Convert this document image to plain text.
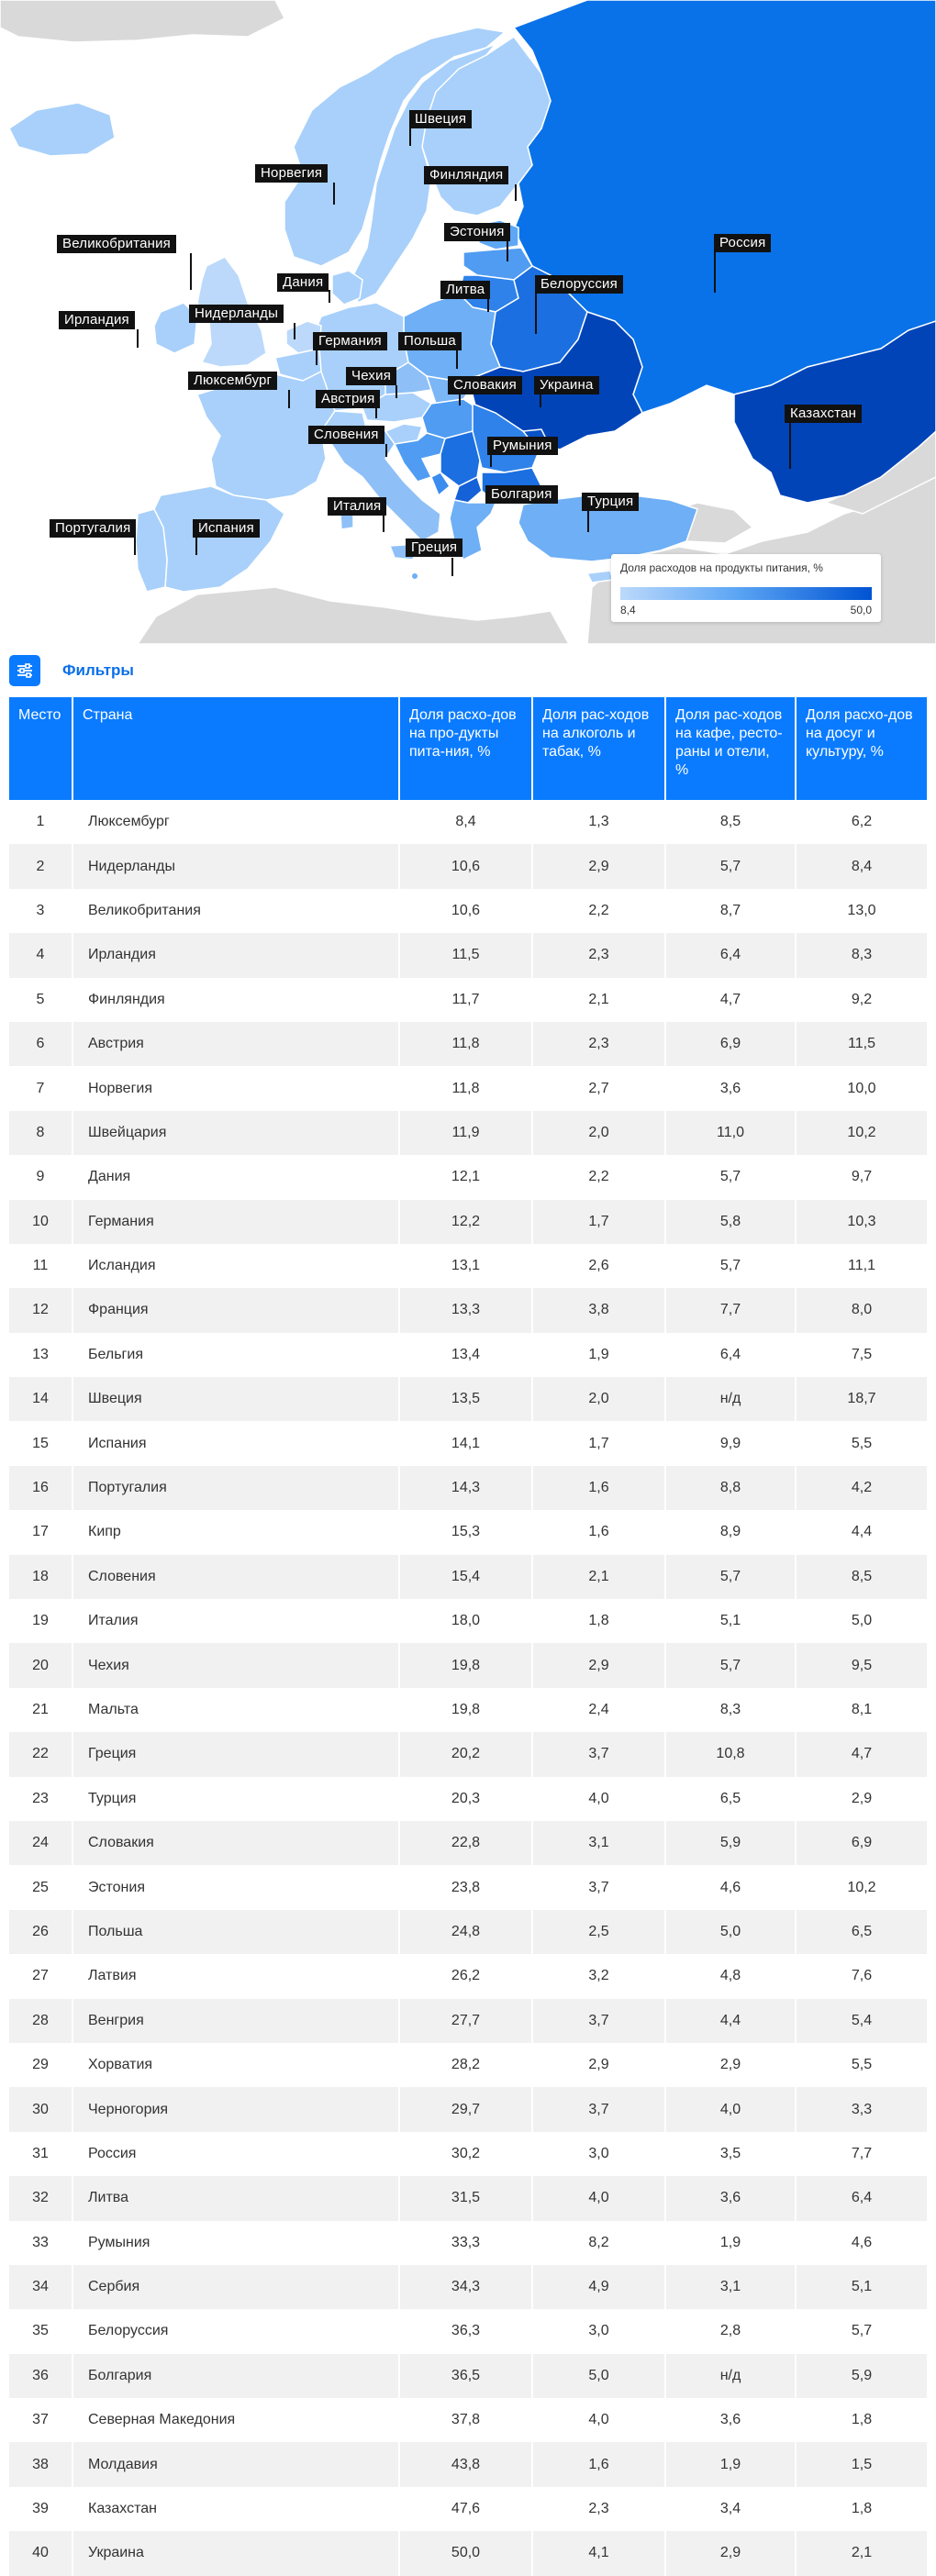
Норвегия
Швеция
Финляндия
Великобритания
Эстония
Россия
Дания	Литва	Белоруссия
Ирландия	Нидерланды
Германия	Польша
Люксембург	Чехия
Словакия	Украина
Австрия
Казахстан
Словения
Румыния
Болгария	Турция
Португалия	Испания
Италия
Греция
Доля расходов на продукты питания, %
8,4	50,0
Фильтры
Место	Страна	Доля расхо-дов на про-дукты пита-ния, %	Доля рас-ходов на алкоголь и табак, %	Доля рас-ходов на кафе, ресто-раны и отели, %	Доля расхо-дов на досуг и культуру, %
1	Люксембург	8,4	1,3	8,5	6,2
2	Нидерланды	10,6	2,9	5,7	8,4
3	Великобритания	10,6	2,2	8,7	13,0
4	Ирландия	11,5	2,3	6,4	8,3
5	Финляндия	11,7	2,1	4,7	9,2
6	Австрия	11,8	2,3	6,9	11,5
7	Норвегия	11,8	2,7	3,6	10,0
8	Швейцария	11,9	2,0	11,0	10,2
9	Дания	12,1	2,2	5,7	9,7
10	Германия	12,2	1,7	5,8	10,3
11	Исландия	13,1	2,6	5,7	11,1
12	Франция	13,3	3,8	7,7	8,0
13	Бельгия	13,4	1,9	6,4	7,5
14	Швеция	13,5	2,0	н/д	18,7
15	Испания	14,1	1,7	9,9	5,5
16	Португалия	14,3	1,6	8,8	4,2
17	Кипр	15,3	1,6	8,9	4,4
18	Словения	15,4	2,1	5,7	8,5
19	Италия	18,0	1,8	5,1	5,0
20	Чехия	19,8	2,9	5,7	9,5
21	Мальта	19,8	2,4	8,3	8,1
22	Греция	20,2	3,7	10,8	4,7
23	Турция	20,3	4,0	6,5	2,9
24	Словакия	22,8	3,1	5,9	6,9
25	Эстония	23,8	3,7	4,6	10,2
26	Польша	24,8	2,5	5,0	6,5
27	Латвия	26,2	3,2	4,8	7,6
28	Венгрия	27,7	3,7	4,4	5,4
29	Хорватия	28,2	2,9	2,9	5,5
30	Черногория	29,7	3,7	4,0	3,3
31	Россия	30,2	3,0	3,5	7,7
32	Литва	31,5	4,0	3,6	6,4
33	Румыния	33,3	8,2	1,9	4,6
34	Сербия	34,3	4,9	3,1	5,1
35	Белоруссия	36,3	3,0	2,8	5,7
36	Болгария	36,5	5,0	н/д	5,9
37	Северная Македония	37,8	4,0	3,6	1,8
38	Молдавия	43,8	1,6	1,9	1,5
39	Казахстан	47,6	2,3	3,4	1,8
40	Украина	50,0	4,1	2,9	2,1
